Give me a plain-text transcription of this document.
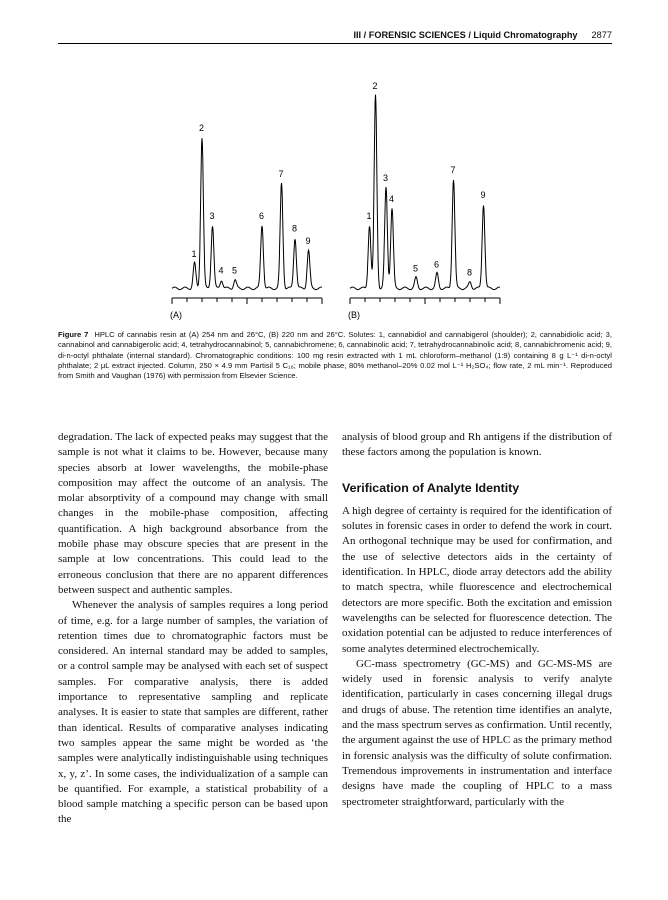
III / FORENSIC SCIENCES / Liquid Chromatography 2877
1
2
3
4 5
6
7
8
9
1
2
3
4
5 6
7
8
9
(A)	(B)
Figure 7 HPLC of cannabis resin at (A) 254 nm and 26°C, (B) 220 nm and 26°C. Solutes: 1, cannabidiol and cannabigerol (shoulder); 2, cannabidiolic acid; 3, cannabinol and cannabigerolic acid; 4, tetrahydrocannabinol; 5, cannabichromene; 6, cannabinolic acid; 7, tetrahydrocannabinolic acid; 8, cannabichromenic acid; 9, di-n-octyl phthalate (internal standard). Chromatographic conditions: 100 mg resin extracted with 1 mL chloroform–methanol (1:9) containing 8 g L⁻¹ di-n-octyl phthalate; 2 μL extract injected. Column, 250 × 4.9 mm Partisil 5 C₁₈; mobile phase, 80% methanol–20% 0.02 mol L⁻¹ H₂SO₄; flow rate, 2 mL min⁻¹. Reproduced from Smith and Vaughan (1976) with permission from Elsevier Science.

degradation. The lack of expected peaks may suggest that the sample is not what it claims to be. However, because many species absorb at lower wavelengths, the mobile-phase composition may affect the outcome of an analysis. The molar absorptivity of a compound may change with small changes in the mobile-phase composition, affecting quantification. A high background absorbance from the mobile phase may obscure species that are present in the sample at low concentrations. This could lead to the erroneous conclusion that there are no apparent differences between suspect and authentic samples.

Whenever the analysis of samples requires a long period of time, e.g. for a large number of samples, the variation of retention times due to chromatographic factors must be considered. An internal standard may be added to samples, or a control sample may be analysed with each set of suspect samples. For comparative analysis, there is added importance to representative sampling and replicate analyses. It is easier to state that samples are different, rather than identical. Results of comparative analyses indicating two samples appear the same might be worded as ‘the samples were analytically indistinguishable using techniques x, y, z’. In some cases, the individualization of a sample can be quantified. For example, a statistical probability of a blood sample matching a specific person can be based upon the

analysis of blood group and Rh antigens if the distribution of these factors among the population is known.

Verification of Analyte Identity

A high degree of certainty is required for the identification of solutes in forensic cases in order to defend the work in court. An orthogonal technique may be used for confirmation, and the use of selective detectors aids in the certainty of identification. In HPLC, diode array detectors add the ability to match spectra, while fluorescence and electrochemical detectors are more specific. Both the excitation and emission wavelengths can be selected for fluorescence detection. The oxidation potential can be adjusted to reduce interferences of some analytes determined electrochemically.

GC-mass spectrometry (GC-MS) and GC-MS-MS are widely used in forensic analysis to verify analyte identification, particularly in cases concerning illegal drugs and drugs of abuse. The retention time identifies an analyte, and the mass spectrum serves as confirmation. Until recently, the argument against the use of HPLC as the primary method in forensic analysis was the difficulty of solute confirmation. Tremendous improvements in instrumentation and interface designs have made the coupling of HPLC to a mass spectrometer straightforward, particularly with the
